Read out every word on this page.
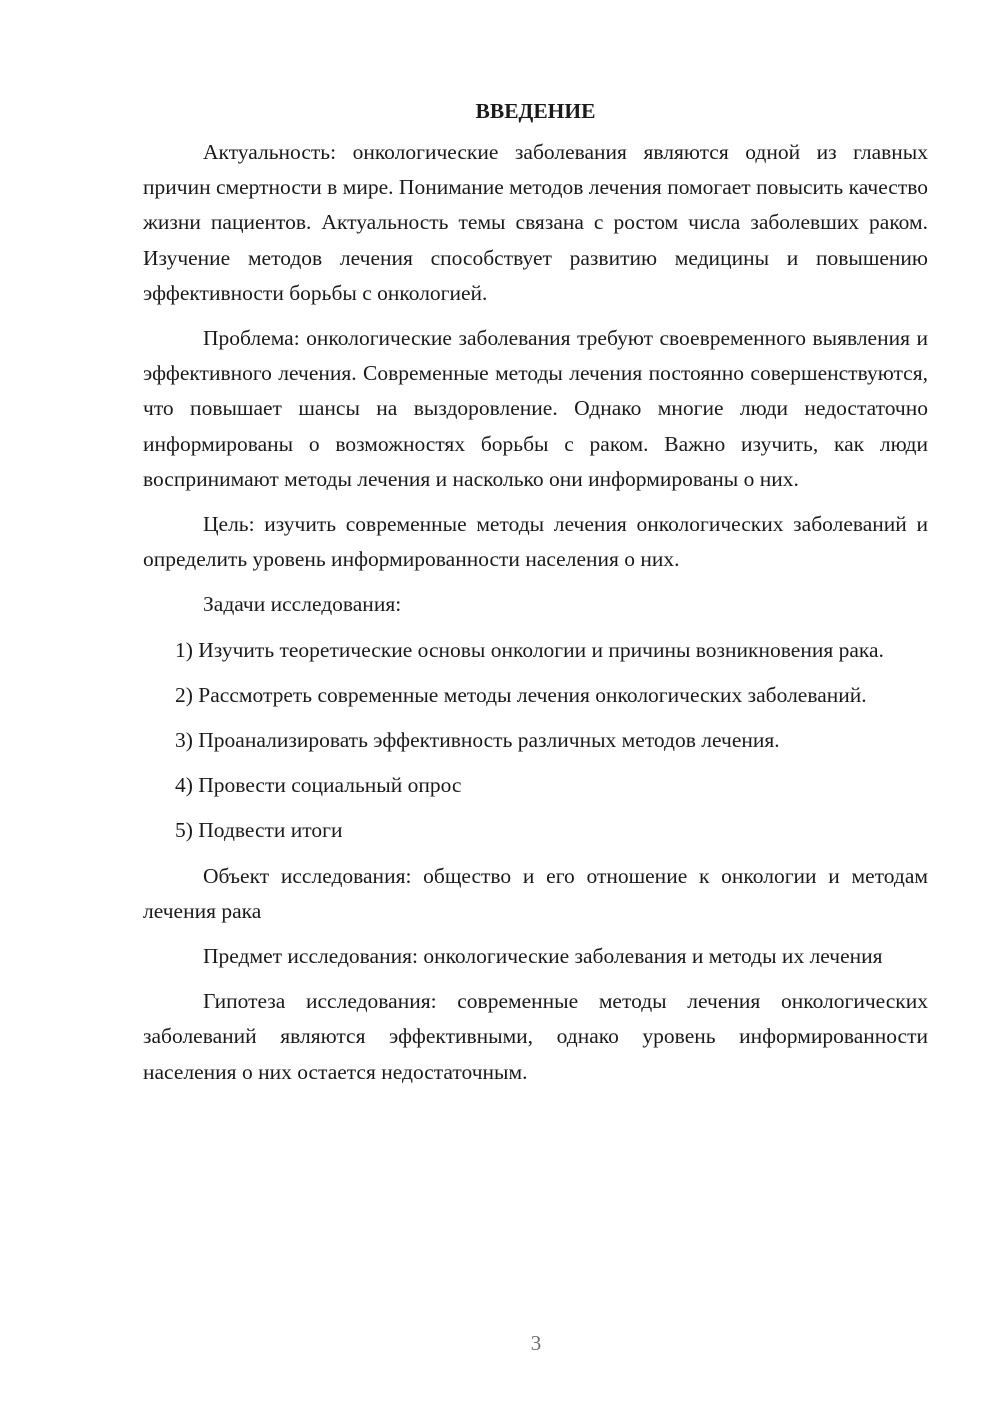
ВВЕДЕНИЕ

Актуальность: онкологические заболевания являются одной из главных причин смертности в мире. Понимание методов лечения помогает повысить качество жизни пациентов. Актуальность темы связана с ростом числа заболевших раком. Изучение методов лечения способствует развитию медицины и повышению эффективности борьбы с онкологией.

Проблема: онкологические заболевания требуют своевременного выявления и эффективного лечения. Современные методы лечения постоянно совершенствуются, что повышает шансы на выздоровление. Однако многие люди недостаточно информированы о возможностях борьбы с раком. Важно изучить, как люди воспринимают методы лечения и насколько они информированы о них.

Цель: изучить современные методы лечения онкологических заболеваний и определить уровень информированности населения о них.

Задачи исследования:

1) Изучить теоретические основы онкологии и причины возникновения рака.

2) Рассмотреть современные методы лечения онкологических заболеваний.

3) Проанализировать эффективность различных методов лечения.

4) Провести социальный опрос

5) Подвести итоги

Объект исследования: общество и его отношение к онкологии и методам лечения рака

Предмет исследования: онкологические заболевания и методы их лечения

Гипотеза исследования: современные методы лечения онкологических заболеваний являются эффективными, однако уровень информированности населения о них остается недостаточным.

3
